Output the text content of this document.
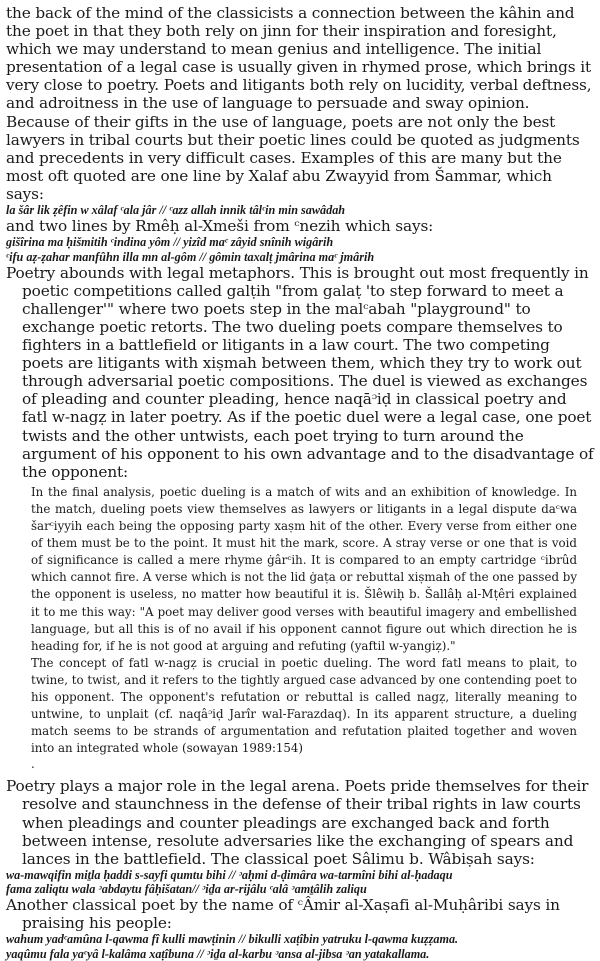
the back of the mind of the classicists a connection between the kâhin and the poet in that they both rely on jinn for their inspiration and foresight, which we may understand to mean genius and intelligence. The initial presentation of a legal case is usually given in rhymed prose, which brings it very close to poetry. Poets and litigants both rely on lucidity, verbal deftness, and adroitness in the use of language to persuade and sway opinion. Because of their gifts in the use of language, poets are not only the best lawyers in tribal courts but their poetic lines could be quoted as judgments and precedents in very difficult cases. Examples of this are many but the most oft quoted are one line by Xalaf abu Zwayyid from Šammar, which says:

la šâr lik ẓêfin w xâlaf ᶜala jâr // ᶜazz allah innik tâlᶜin min sawâdah

and two lines by Rmêḥ al-Xmeši from ᶜnezih which says:

gišîrina ma ḥišmitih ᶜindina yôm // yizîd maᶜ zâyid snînih wigârih

ᶜifu aẓ-ẓahar manfûhn illa mn al-gôm // gômin taxalṭ jmârina maᶜ jmârih

Poetry abounds with legal metaphors. This is brought out most frequently in poetic competitions called galṭih "from galaṭ 'to step forward to meet a challenger'" where two poets step in the malᶜabah "playground" to exchange poetic retorts. The two dueling poets compare themselves to fighters in a battlefield or litigants in a law court. The two competing poets are litigants with xiṣmah between them, which they try to work out through adversarial poetic compositions. The duel is viewed as exchanges of pleading and counter pleading, hence naqāᵓiḍ in classical poetry and fatl w-nagẓ in later poetry. As if the poetic duel were a legal case, one poet twists and the other untwists, each poet trying to turn around the argument of his opponent to his own advantage and to the disadvantage of the opponent:

In the final analysis, poetic dueling is a match of wits and an exhibition of knowledge. In the match, dueling poets view themselves as lawyers or litigants in a legal dispute daᶜwa šarᶜiyyih each being the opposing party xaṣm hit of the other. Every verse from either one of them must be to the point. It must hit the mark, score. A stray verse or one that is void of significance is called a mere rhyme ġârᶜih. It is compared to an empty cartridge ᶜibrûd which cannot fire. A verse which is not the lid ġaṭa or rebuttal xiṣmah of the one passed by the opponent is useless, no matter how beautiful it is. Šlêwiḥ b. Šallâḥ al-Mṭêri explained it to me this way: "A poet may deliver good verses with beautiful imagery and embellished language, but all this is of no avail if his opponent cannot figure out which direction he is heading for, if he is not good at arguing and refuting (yaftil w-yangiẓ)."

The concept of fatl w-nagẓ is crucial in poetic dueling. The word fatl means to plait, to twine, to twist, and it refers to the tightly argued case advanced by one contending poet to his opponent. The opponent's refutation or rebuttal is called nagẓ, literally meaning to untwine, to unplait (cf. naqâᵓiḍ Jarîr wal-Farazdaq). In its apparent structure, a dueling match seems to be strands of argumentation and refutation plaited together and woven into an integrated whole (sowayan 1989:154)

.

Poetry plays a major role in the legal arena. Poets pride themselves for their resolve and staunchness in the defense of their tribal rights in law courts when pleadings and counter pleadings are exchanged back and forth between intense, resolute adversaries like the exchanging of spears and lances in the battlefield. The classical poet Sâlimu b. Wâbiṣah says:

wa-mawqifin miṯla ḥaddi s-sayfi qumtu bihi // ᵓaḥmi d-ḍimâra wa-tarmîni bihi al-ḥadaqu

fama zaliqtu wala ᵓabdaytu fâḥišatan// ᵓiḏa ar-rijâlu ᶜalâ ᵓamṯâlih zaliqu

Another classical poet by the name of ᶜÂmir al-Xaṣafi al-Muḥâribi says in praising his people:

wahum yadᶜamûna l-qawma fî kulli mawṭinin // bikulli xaṭîbin yatruku l-qawma kuẓẓama.

yaqûmu fala yaᶜyâ l-kalâma xaṭîbuna // ᵓiḏa al-karbu ᵓansa al-jibsa ᵓan yatakallama.
